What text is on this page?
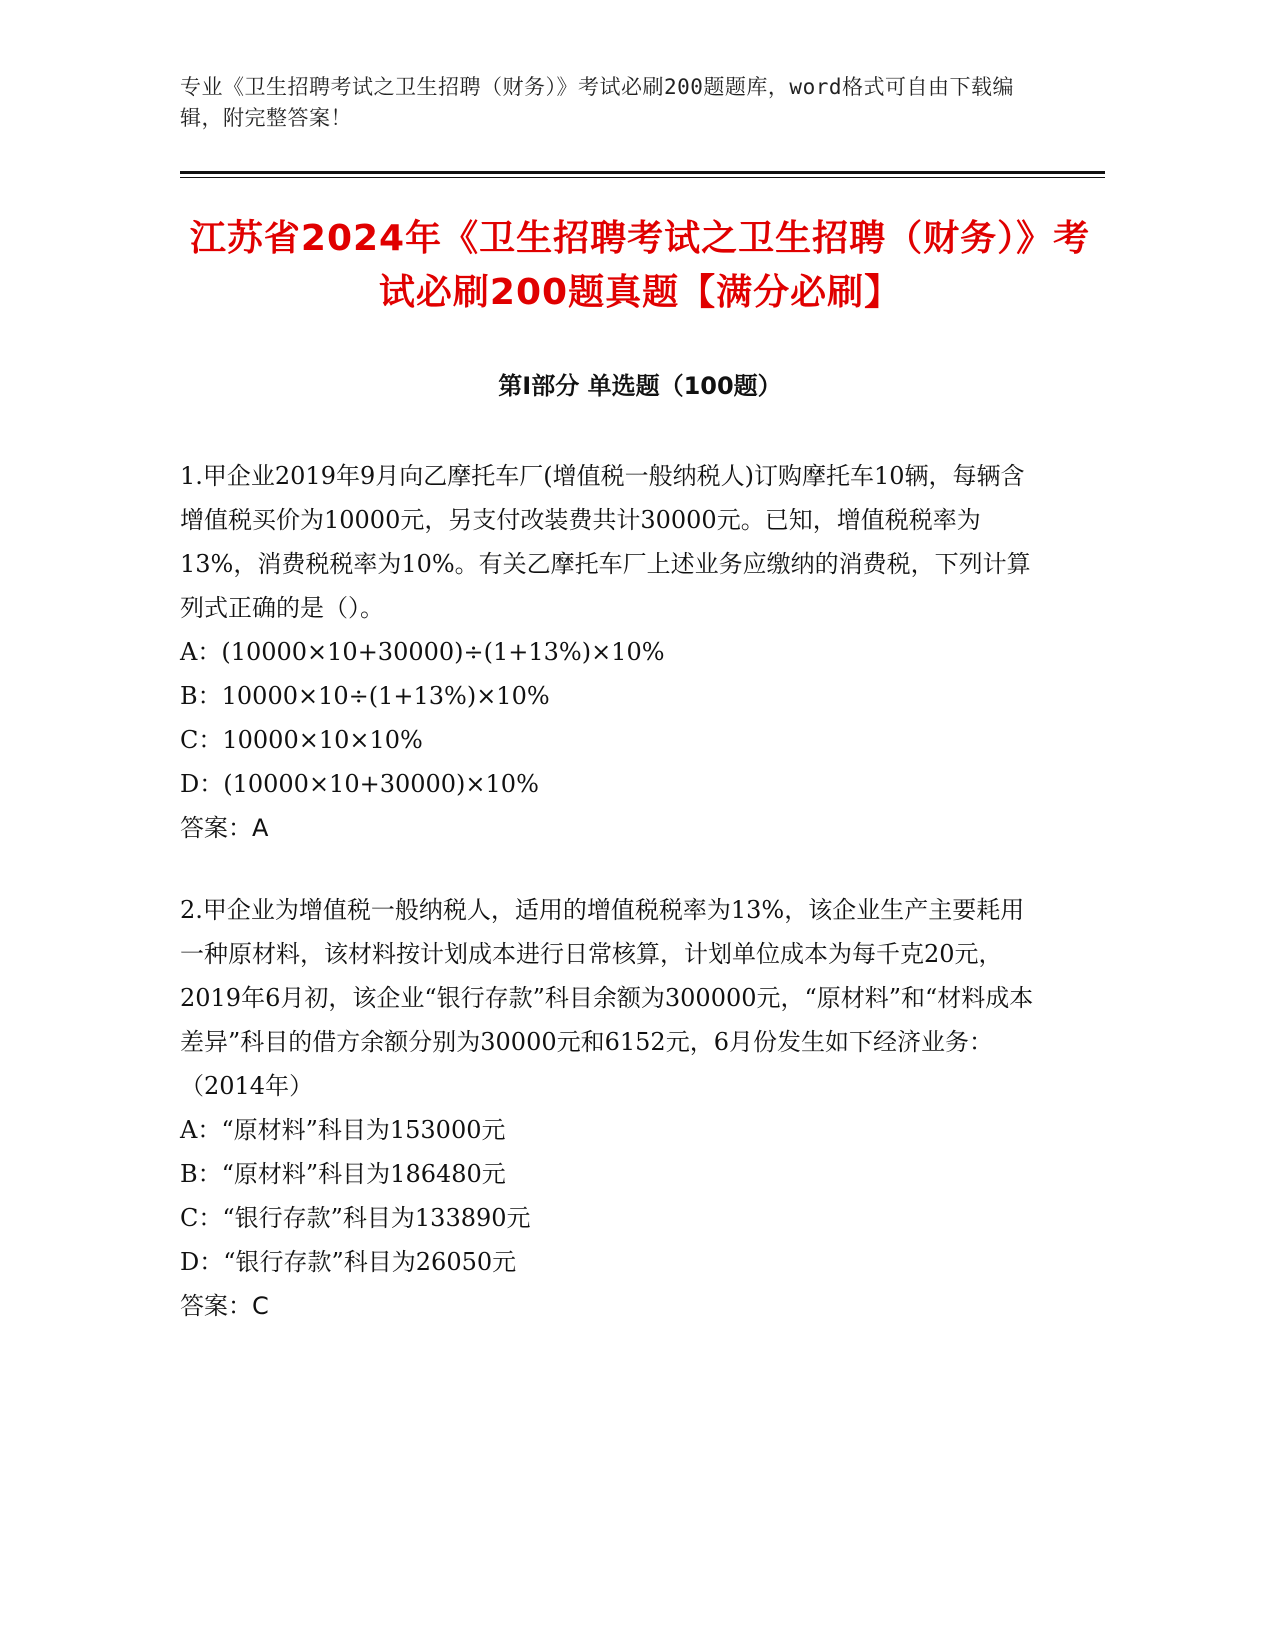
专业《卫生招聘考试之卫生招聘（财务）》考试必刷200题题库，word格式可自由下载编辑，附完整答案！
江苏省2024年《卫生招聘考试之卫生招聘（财务）》考试必刷200题真题【满分必刷】
第I部分 单选题（100题）

1.甲企业2019年9月向乙摩托车厂(增值税一般纳税人)订购摩托车10辆，每辆含增值税买价为10000元，另支付改装费共计30000元。已知，增值税税率为13%，消费税税率为10%。有关乙摩托车厂上述业务应缴纳的消费税，下列计算列式正确的是（）。

A：(10000×10+30000)÷(1+13%)×10%

B：10000×10÷(1+13%)×10%

C：10000×10×10%

D：(10000×10+30000)×10%

答案：A

2.甲企业为增值税一般纳税人，适用的增值税税率为13%，该企业生产主要耗用一种原材料，该材料按计划成本进行日常核算，计划单位成本为每千克20元，2019年6月初，该企业“银行存款”科目余额为300000元，“原材料”和“材料成本差异”科目的借方余额分别为30000元和6152元，6月份发生如下经济业务：（2014年）

A：“原材料”科目为153000元

B：“原材料”科目为186480元

C：“银行存款”科目为133890元

D：“银行存款”科目为26050元

答案：C
